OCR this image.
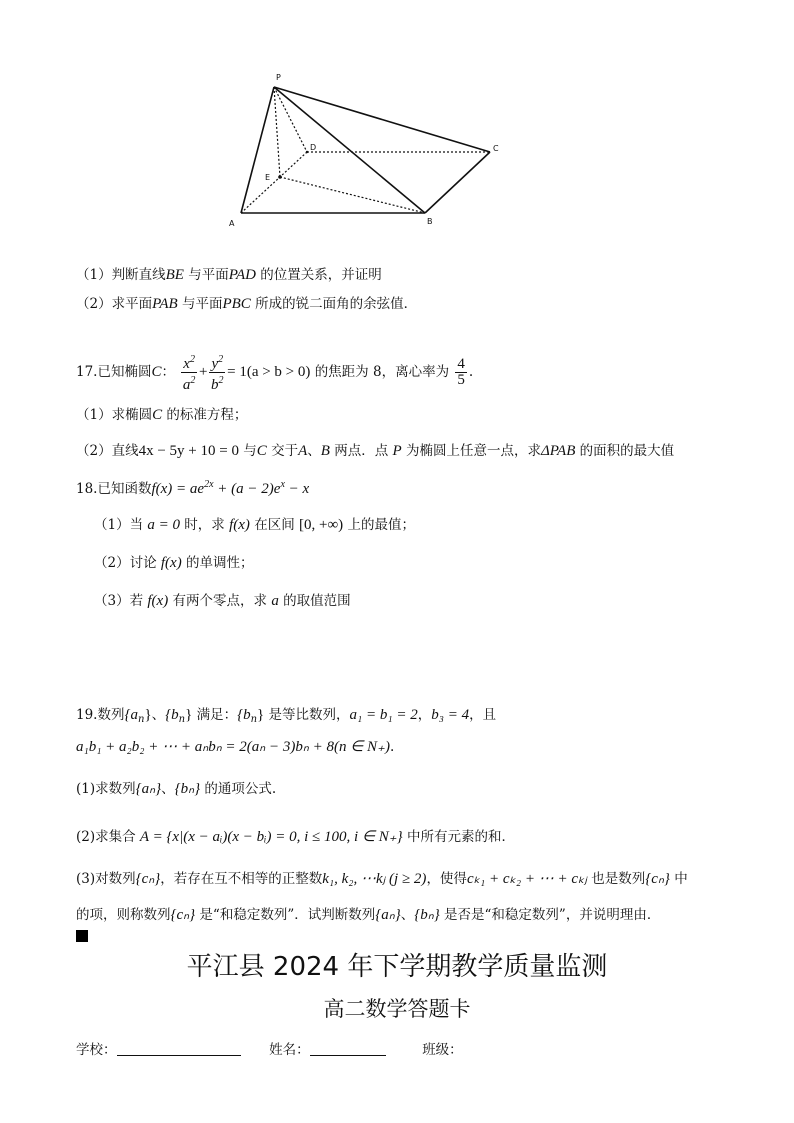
P
D	C
E
A	B
（1）判断直线BE 与平面PAD 的位置关系，并证明
（2）求平面PAB 与平面PBC 所成的锐二面角的余弦值．
17.已知椭圆C： $\frac{x^2}{a^2} + \frac{y^2}{b^2} = 1(a > b > 0)$ 的焦距为 8，离心率为 $\frac{4}{5}$ .
（1）求椭圆C 的标准方程；
（2）直线4x − 5y + 10 = 0 与C 交于A、B 两点．点 P 为椭圆上任意一点，求ΔPAB 的面积的最大值
18.已知函数$f(x) = ae^{2x} + (a - 2)e^x - x$
（1）当 a = 0 时，求 f(x) 在区间 [0, +∞) 上的最值；
（2）讨论 f(x) 的单调性；
（3）若 f(x) 有两个零点，求 a 的取值范围
19.数列$\{a_n\}$、$\{b_n\}$ 满足：$\{b_n\}$ 是等比数列，a₁ = b₁ = 2，b₃ = 4，且
a₁b₁ + a₂b₂ + ⋯ + aₙbₙ = 2(aₙ − 3)bₙ + 8(n ∈ N₊).
(1)求数列{aₙ}、{bₙ} 的通项公式.
(2)求集合 A = {x|(x − aᵢ)(x − bᵢ) = 0, i ≤ 100, i ∈ N₊} 中所有元素的和．
(3)对数列{cₙ}，若存在互不相等的正整数k₁, k₂, ⋯kⱼ (j ≥ 2)，使得cₖ₁ + cₖ₂ + ⋯ + cₖⱼ 也是数列{cₙ} 中
的项，则称数列{cₙ} 是“和稳定数列”．试判断数列{aₙ}、{bₙ} 是否是“和稳定数列”，并说明理由．
平江县 2024 年下学期教学质量监测
高二数学答题卡
学校：	姓名：	班级：
